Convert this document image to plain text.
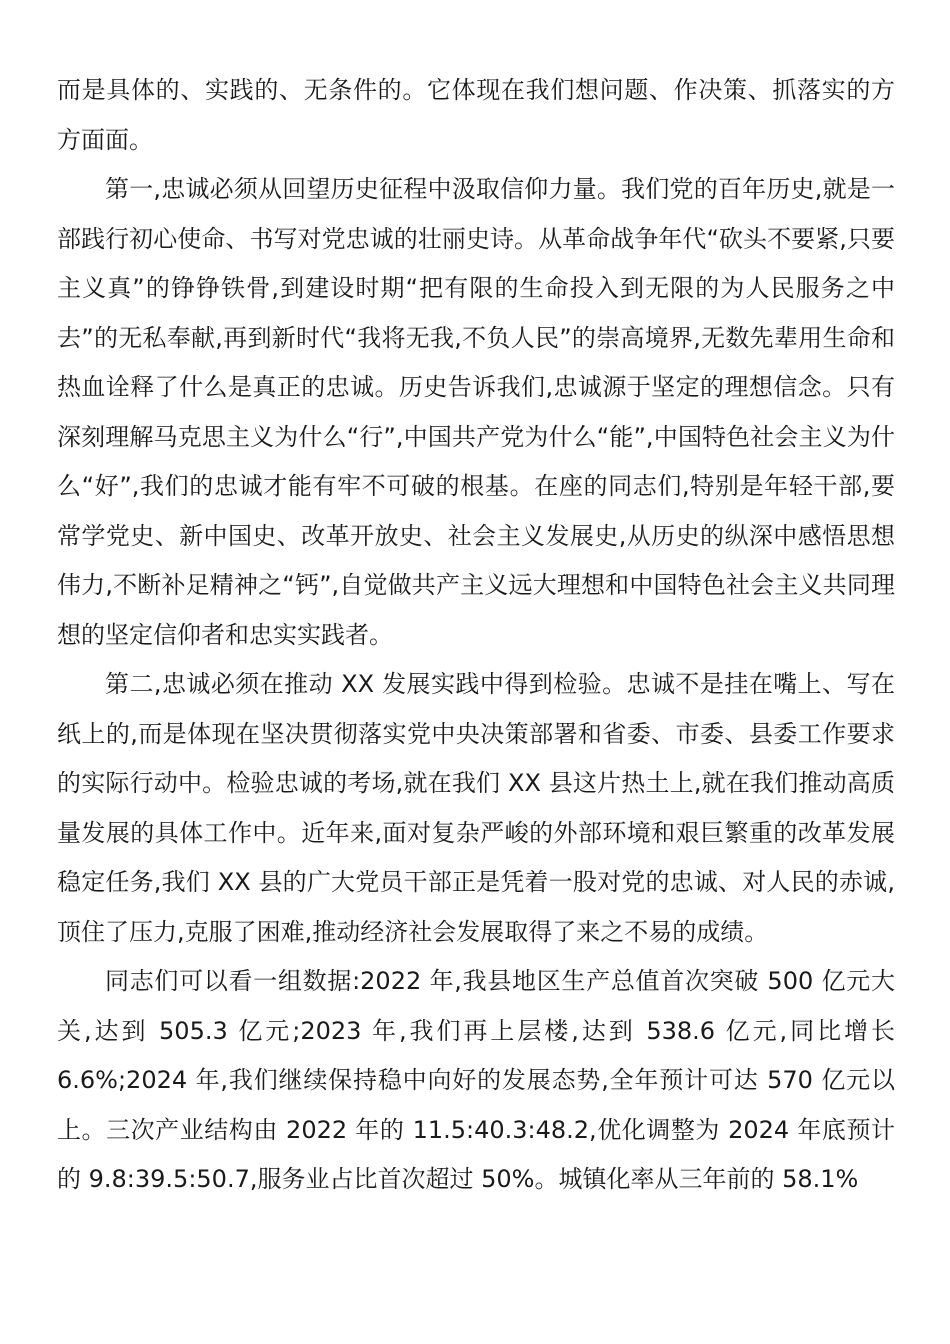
而是具体的、实践的、无条件的。它体现在我们想问题、作决策、抓落实的方方面面。

第一,忠诚必须从回望历史征程中汲取信仰力量。我们党的百年历史,就是一部践行初心使命、书写对党忠诚的壮丽史诗。从革命战争年代“砍头不要紧,只要主义真”的铮铮铁骨,到建设时期“把有限的生命投入到无限的为人民服务之中去”的无私奉献,再到新时代“我将无我,不负人民”的崇高境界,无数先辈用生命和热血诠释了什么是真正的忠诚。历史告诉我们,忠诚源于坚定的理想信念。只有深刻理解马克思主义为什么“行”,中国共产党为什么“能”,中国特色社会主义为什么“好”,我们的忠诚才能有牢不可破的根基。在座的同志们,特别是年轻干部,要常学党史、新中国史、改革开放史、社会主义发展史,从历史的纵深中感悟思想伟力,不断补足精神之“钙”,自觉做共产主义远大理想和中国特色社会主义共同理想的坚定信仰者和忠实实践者。

第二,忠诚必须在推动 XX 发展实践中得到检验。忠诚不是挂在嘴上、写在纸上的,而是体现在坚决贯彻落实党中央决策部署和省委、市委、县委工作要求的实际行动中。检验忠诚的考场,就在我们 XX 县这片热土上,就在我们推动高质量发展的具体工作中。近年来,面对复杂严峻的外部环境和艰巨繁重的改革发展稳定任务,我们 XX 县的广大党员干部正是凭着一股对党的忠诚、对人民的赤诚,顶住了压力,克服了困难,推动经济社会发展取得了来之不易的成绩。

同志们可以看一组数据:2022 年,我县地区生产总值首次突破 500 亿元大关,达到 505.3 亿元;2023 年,我们再上层楼,达到 538.6 亿元,同比增长 6.6%;2024 年,我们继续保持稳中向好的发展态势,全年预计可达 570 亿元以上。三次产业结构由 2022 年的 11.5:40.3:48.2,优化调整为 2024 年底预计的 9.8:39.5:50.7,服务业占比首次超过 50%。城镇化率从三年前的 58.1%
